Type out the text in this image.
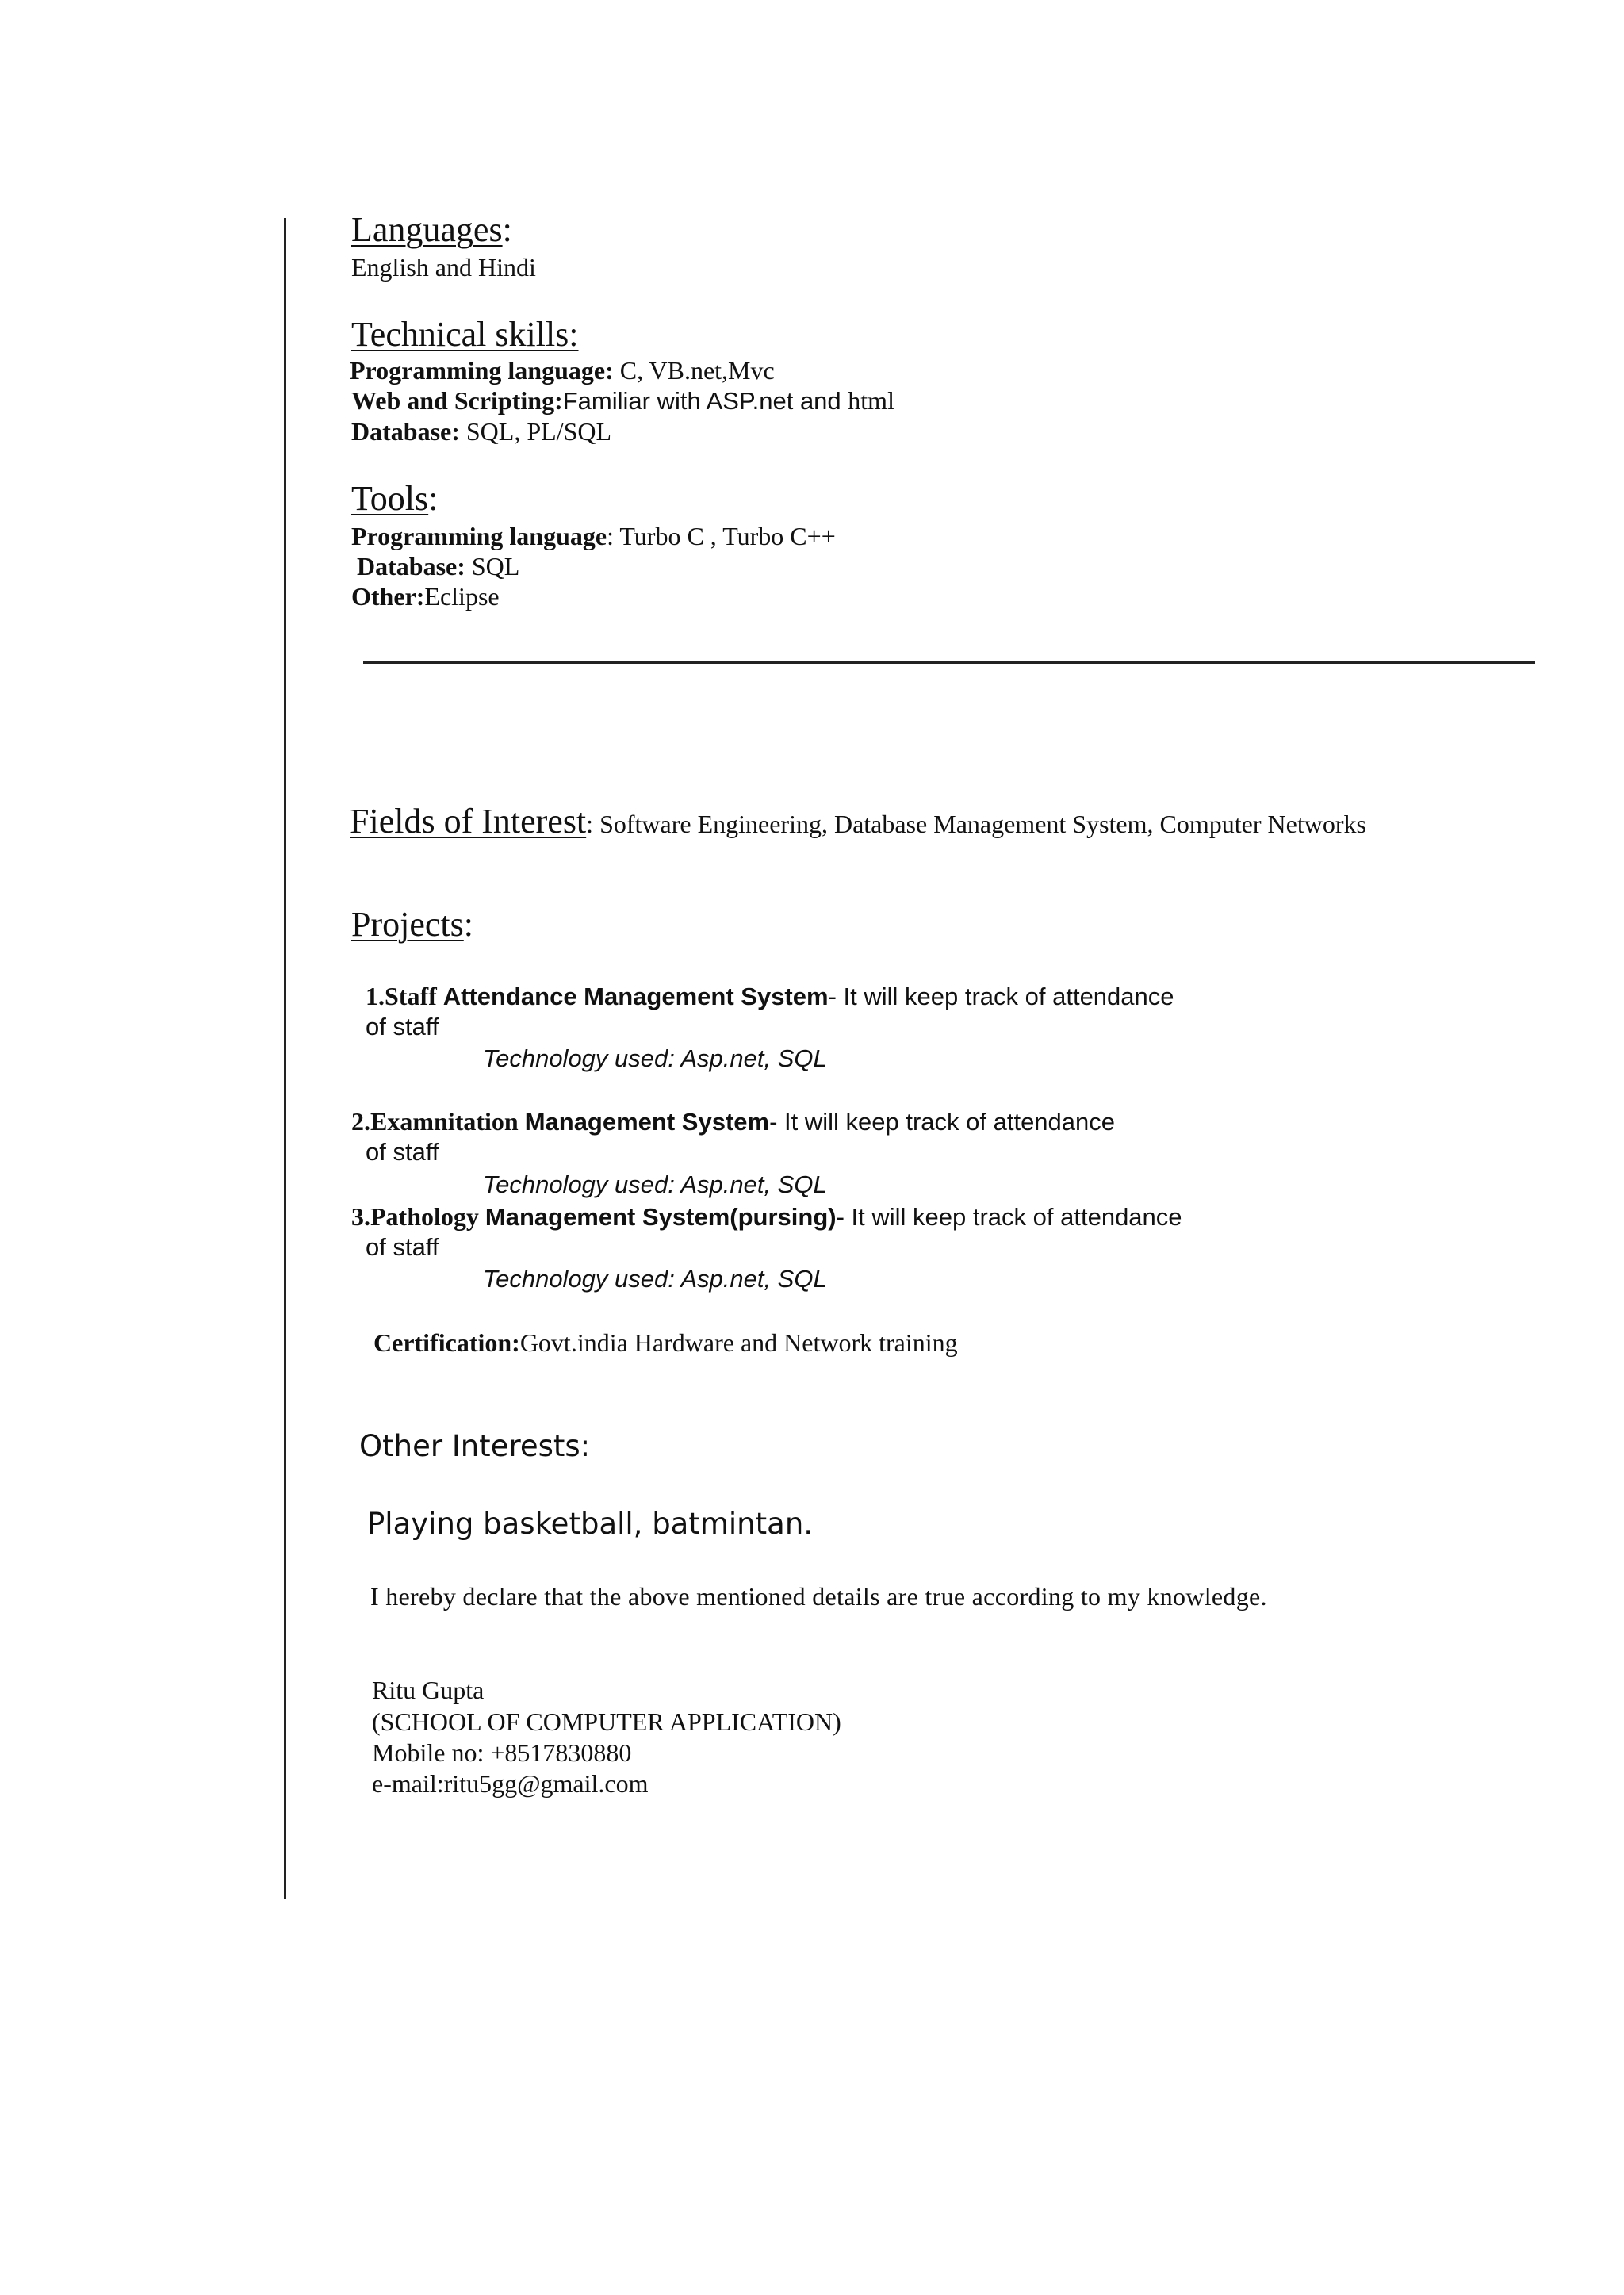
Languages:
English and Hindi
Technical skills:
Programming language: C, VB.net,Mvc
Web and Scripting:Familiar with ASP.net and html
Database: SQL, PL/SQL
Tools:
Programming language: Turbo C , Turbo C++
Database: SQL
Other:Eclipse
Fields of Interest: Software Engineering, Database Management System, Computer Networks
Projects:
1.Staff Attendance Management System- It will keep track of attendance
of staff
Technology used: Asp.net, SQL
2.Examnitation Management System- It will keep track of attendance
of staff
Technology used: Asp.net, SQL
3.Pathology Management System(pursing)- It will keep track of attendance
of staff
Technology used: Asp.net, SQL
Certification:Govt.india Hardware and Network training
Other Interests:
Playing basketball, batmintan.
I hereby declare that the above mentioned details are true according to my knowledge.
Ritu Gupta
(SCHOOL OF COMPUTER APPLICATION)
Mobile no: +8517830880
e-mail:ritu5gg@gmail.com
